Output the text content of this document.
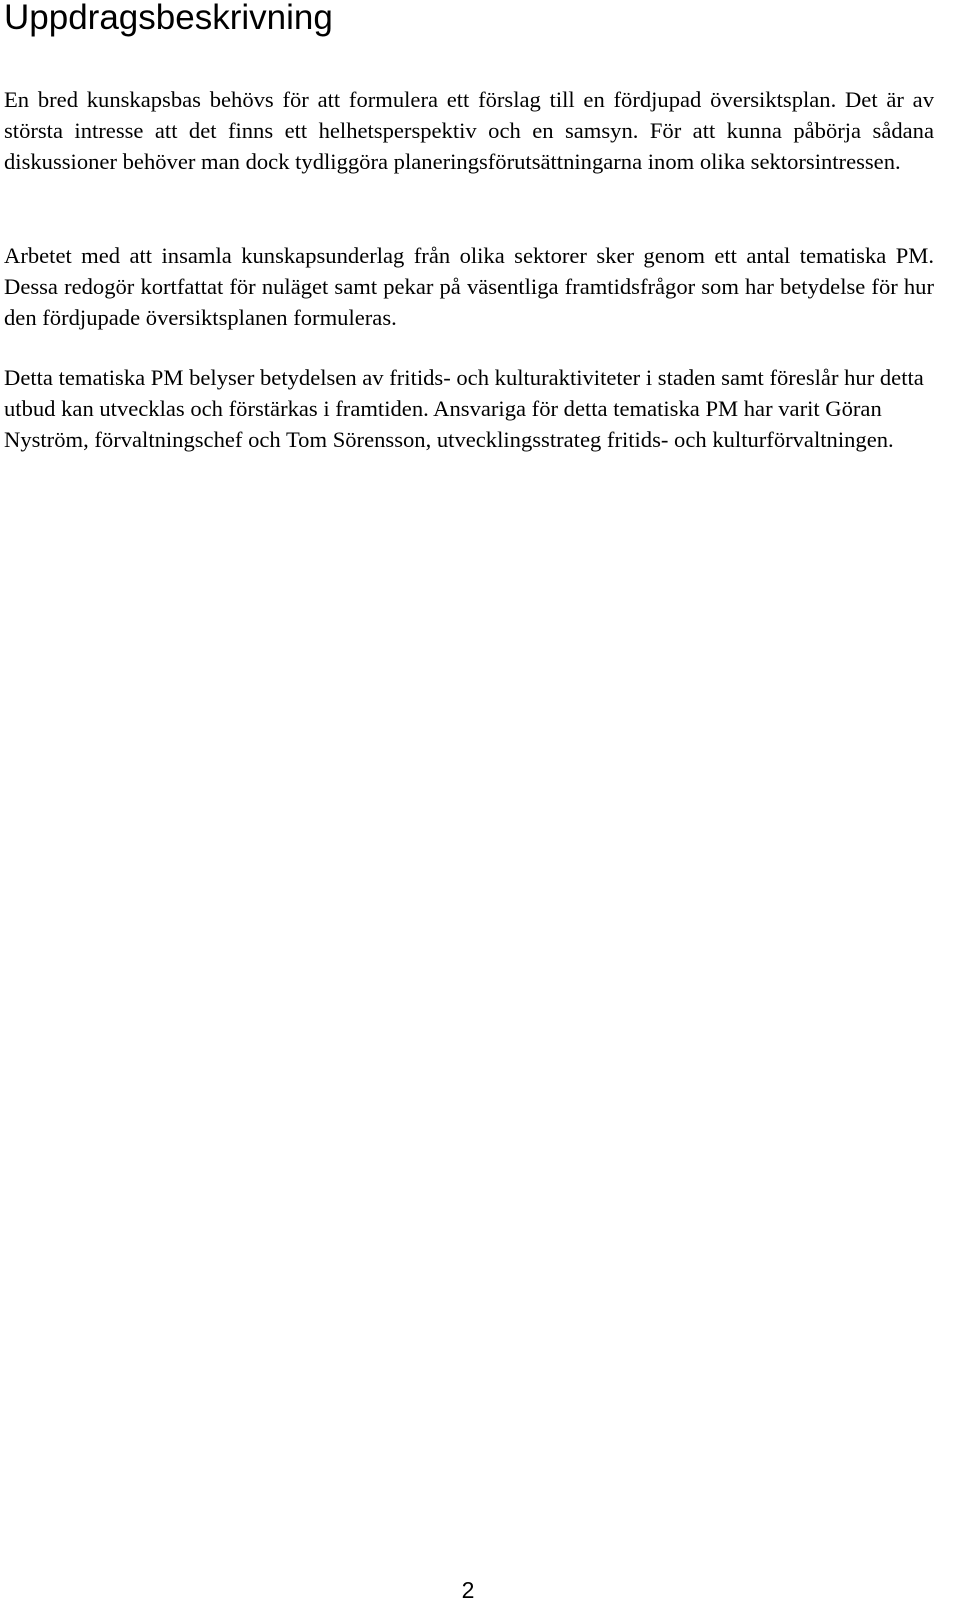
Uppdragsbeskrivning

En bred kunskapsbas behövs för att formulera ett förslag till en fördjupad översiktsplan. Det är av största intresse att det finns ett helhetsperspektiv och en samsyn. För att kunna påbörja sådana diskussioner behöver man dock tydliggöra planeringsförutsättningarna inom olika sektorsintressen.

Arbetet med att insamla kunskapsunderlag från olika sektorer sker genom ett antal tematiska PM. Dessa redogör kortfattat för nuläget samt pekar på väsentliga framtidsfrågor som har betydelse för hur den fördjupade översiktsplanen formuleras.

Detta tematiska PM belyser betydelsen av fritids- och kulturaktiviteter i staden samt föreslår hur detta utbud kan utvecklas och förstärkas i framtiden. Ansvariga för detta tematiska PM har varit Göran Nyström, förvaltningschef och Tom Sörensson, utvecklingsstrateg fritids- och kulturförvaltningen.

2
